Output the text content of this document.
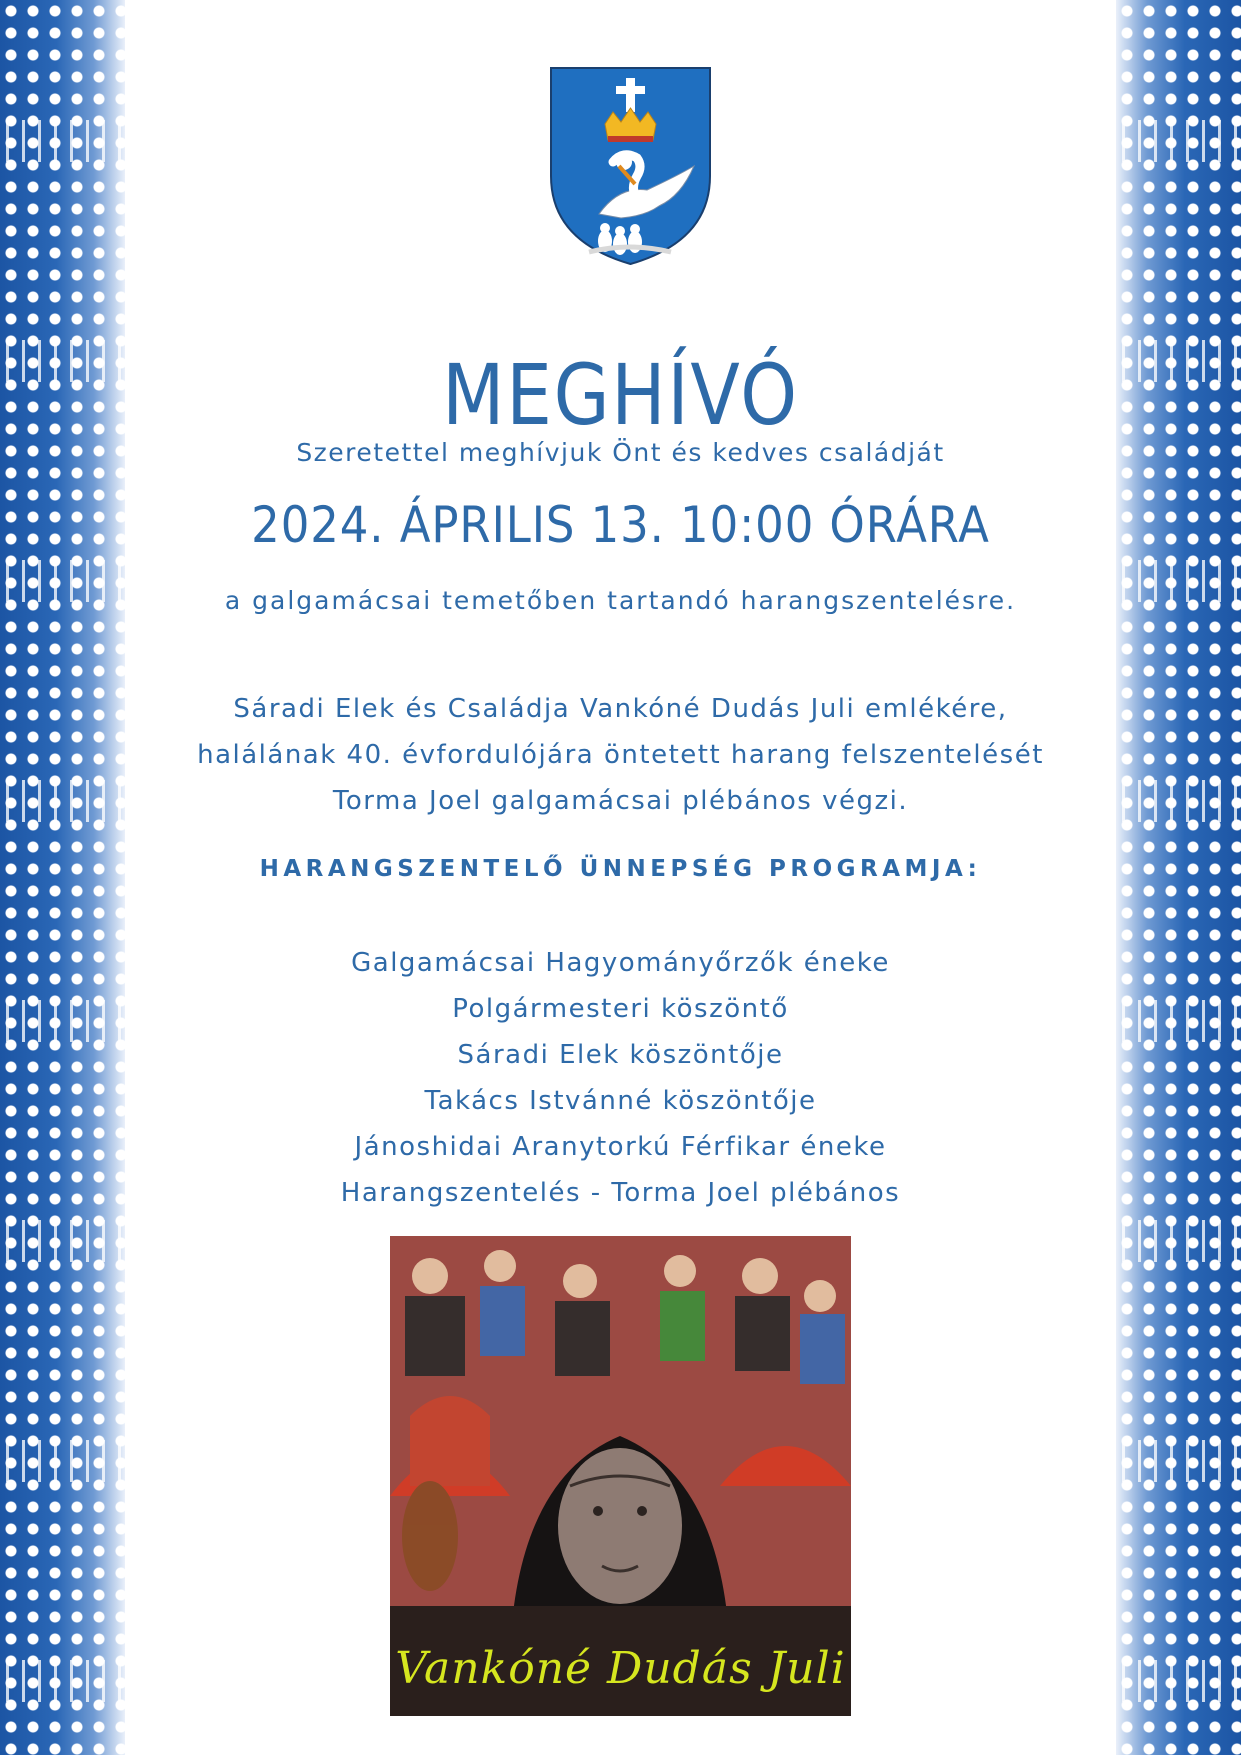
MEGHÍVÓ

Szeretettel meghívjuk Önt és kedves családját

2024. ÁPRILIS 13. 10:00 ÓRÁRA

a galgamácsai temetőben tartandó harangszentelésre.

Sáradi Elek és Családja Vankóné Dudás Juli emlékére,
halálának 40. évfordulójára öntetett harang felszentelését
Torma Joel galgamácsai plébános végzi.

HARANGSZENTELŐ ÜNNEPSÉG PROGRAMJA:

Galgamácsai Hagyományőrzők éneke
Polgármesteri köszöntő
Sáradi Elek köszöntője
Takács Istvánné köszöntője
Jánoshidai Aranytorkú Férfikar éneke
Harangszentelés - Torma Joel plébános
Vankóné Dudás Juli
